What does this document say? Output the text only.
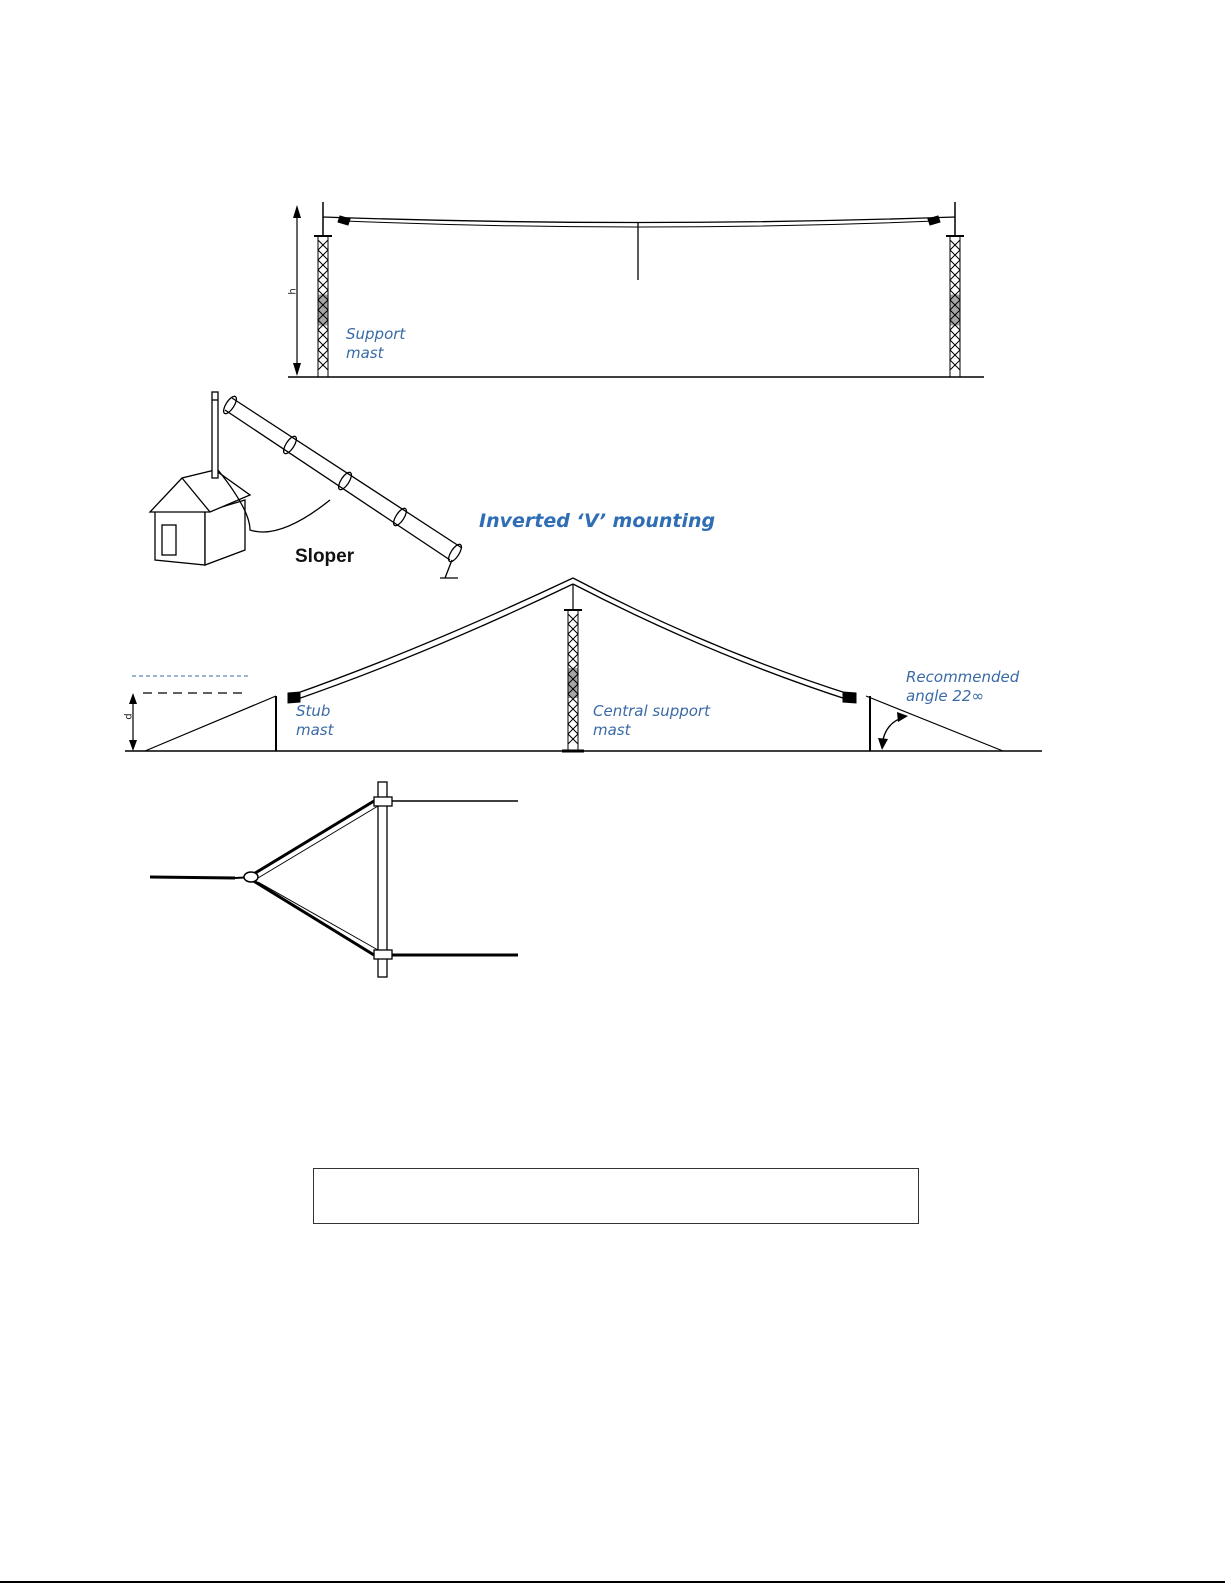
Support
mast
h
Sloper
Inverted ‘V’ mounting
Recommended
angle 22∞
Stub
mast
Central support
mast
d
